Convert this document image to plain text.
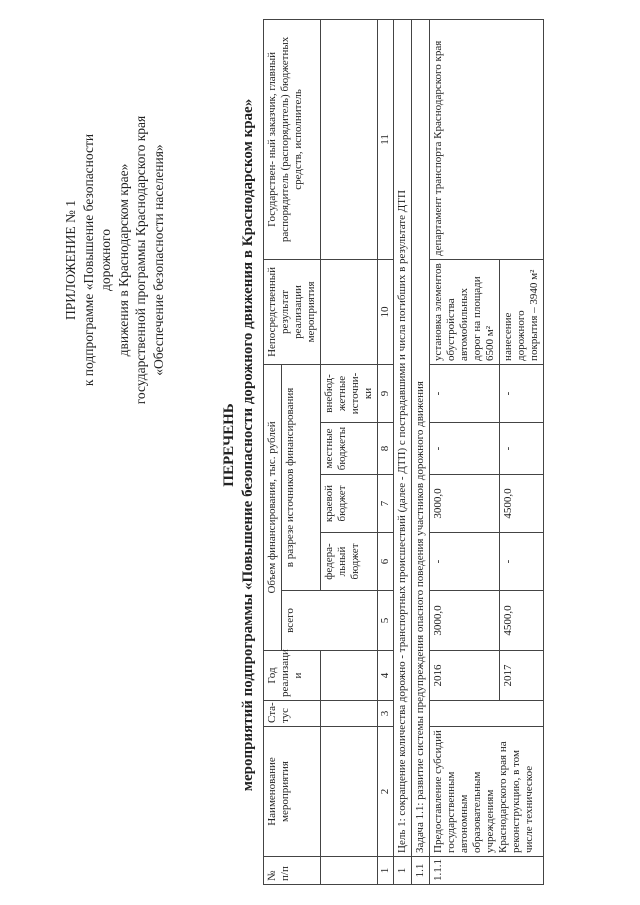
ПРИЛОЖЕНИЕ № 1 к подпрограмме «Повышение безопасности дорожного движения в Краснодарском крае» государственной программы Краснодарского края «Обеспечение безопасности населения»
ПЕРЕЧЕНЬ мероприятий подпрограммы «Повышение безопасности дорожного движения в Краснодарском крае»
№ п/п	Наименование мероприятия	Ста- тус	Год реализаци и	Объем финансирования, тыс. рублей					Непосредственный результат реализации мероприятия	Государствен- ный заказчик, главный распорядитель (распорядитель) бюджетных средств, исполнитель
				всего	в разрезе источников финансирования					
					федера- льный бюджет	краевой бюджет	местные бюджеты	внебюд- жетные источни- ки		
1	2	3	4	5	6	7	8	9	10	11
1	Цель 1: сокращение количества дорожно - транспортных происшествий (далее - ДТП) с пострадавшими и числа погибших в результате ДТП									
1.1	Задача 1.1: развитие системы предупреждения опасного поведения участников дорожного движения									
1.1.1	Предоставление субсидий государственным автономным образовательным учреждениям Краснодарского края на реконструкцию, в том числе техническое		2016	3000,0	-	3000,0	-	-	установка элементов обустройства автомобильных дорог на площади 6500 м²	департамент транспорта Краснодарского края
			2017	4500,0	-	4500,0	-	-	нанесение дорожного покрытия – 3940 м²	
